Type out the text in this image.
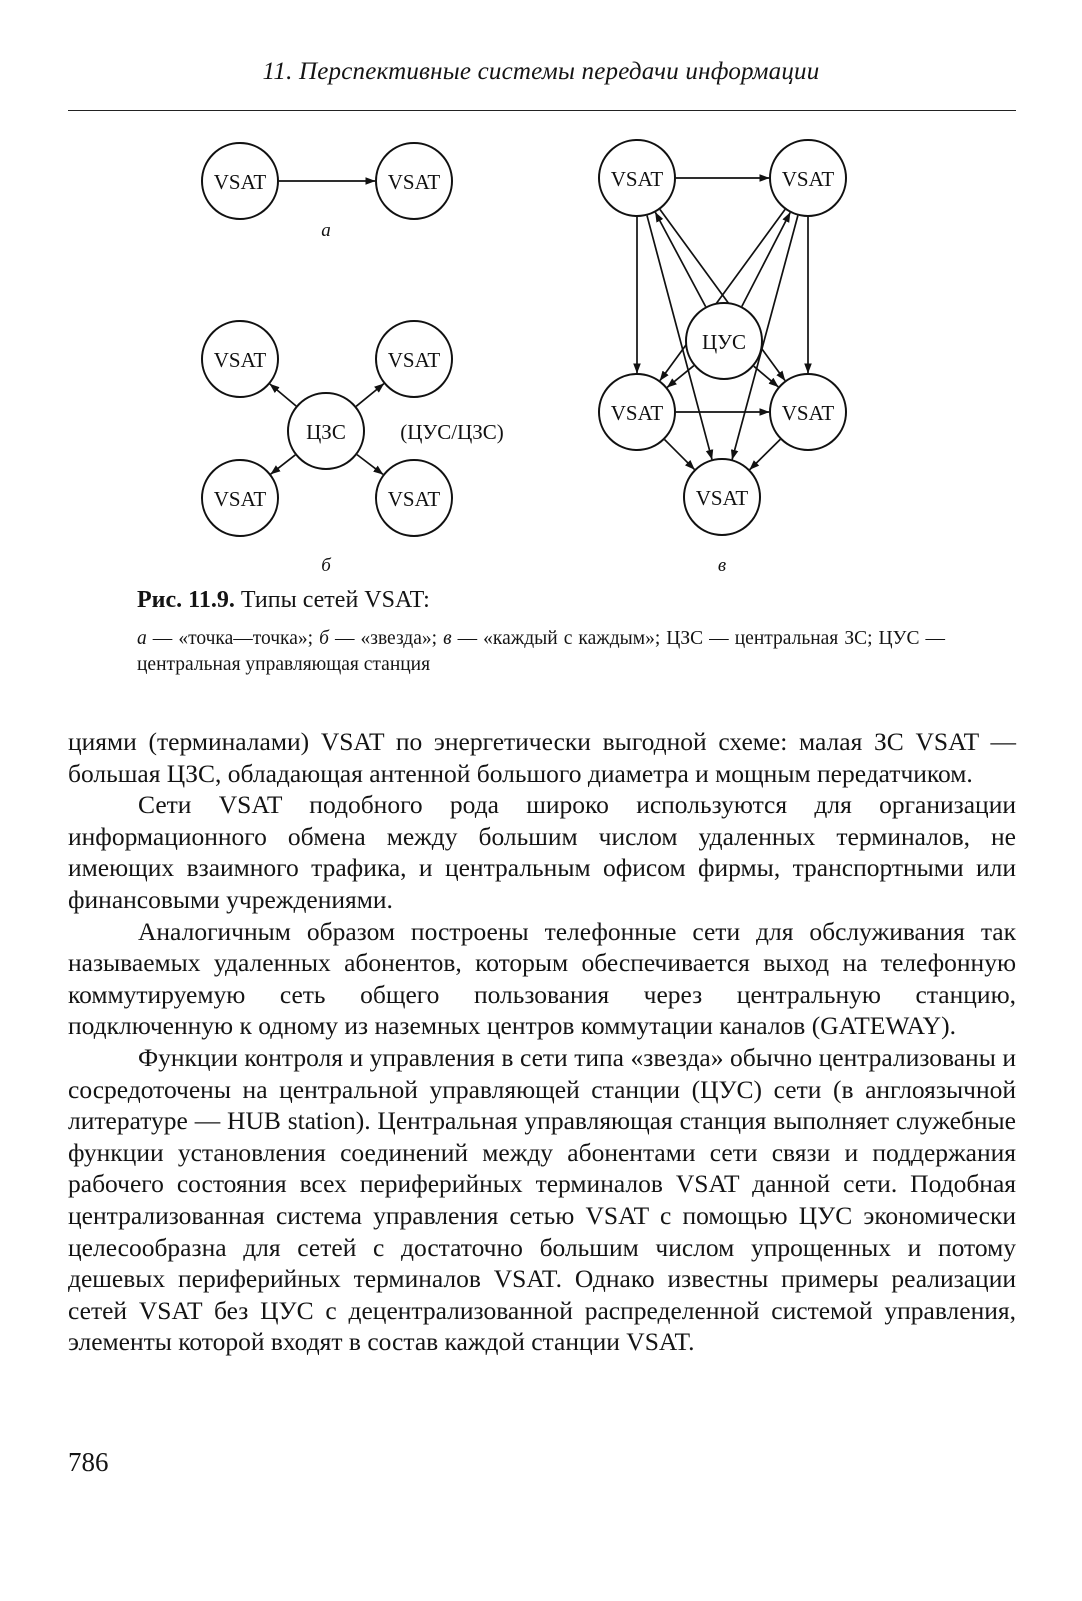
11. Перспективные системы передачи информации
VSAT	VSAT
VSAT	VSAT
ЦЗС
VSAT	VSAT
VSAT	VSAT
ЦУС
VSAT	VSAT
VSAT
(ЦУС/ЦЗС)
а
б	в
Рис. 11.9. Типы сетей VSAT:
а — «точка—точка»; б — «звезда»; в — «каждый с каждым»; ЦЗС — центральная ЗС; ЦУС — центральная управляющая станция

циями (терминалами) VSAT по энергетически выгодной схеме: малая ЗС VSAT — большая ЦЗС, обладающая антенной большого диаметра и мощным передатчиком.

Сети VSAT подобного рода широко используются для организации информационного обмена между большим числом удаленных терминалов, не имеющих взаимного трафика, и центральным офисом фирмы, транспортными или финансовыми учреждениями.

Аналогичным образом построены телефонные сети для обслуживания так называемых удаленных абонентов, которым обеспечивается выход на телефонную коммутируемую сеть общего пользования через центральную станцию, подключенную к одному из наземных центров коммутации каналов (GATEWAY).

Функции контроля и управления в сети типа «звезда» обычно централизованы и сосредоточены на центральной управляющей станции (ЦУС) сети (в англоязычной литературе — HUB station). Центральная управляющая станция выполняет служебные функции установления соединений между абонентами сети связи и поддержания рабочего состояния всех периферийных терминалов VSAT данной сети. Подобная централизованная система управления сетью VSAT с помощью ЦУС экономически целесообразна для сетей с достаточно большим числом упрощенных и потому дешевых периферийных терминалов VSAT. Однако известны примеры реализации сетей VSAT без ЦУС с децентрализованной распределенной системой управления, элементы которой входят в состав каждой станции VSAT.

786
